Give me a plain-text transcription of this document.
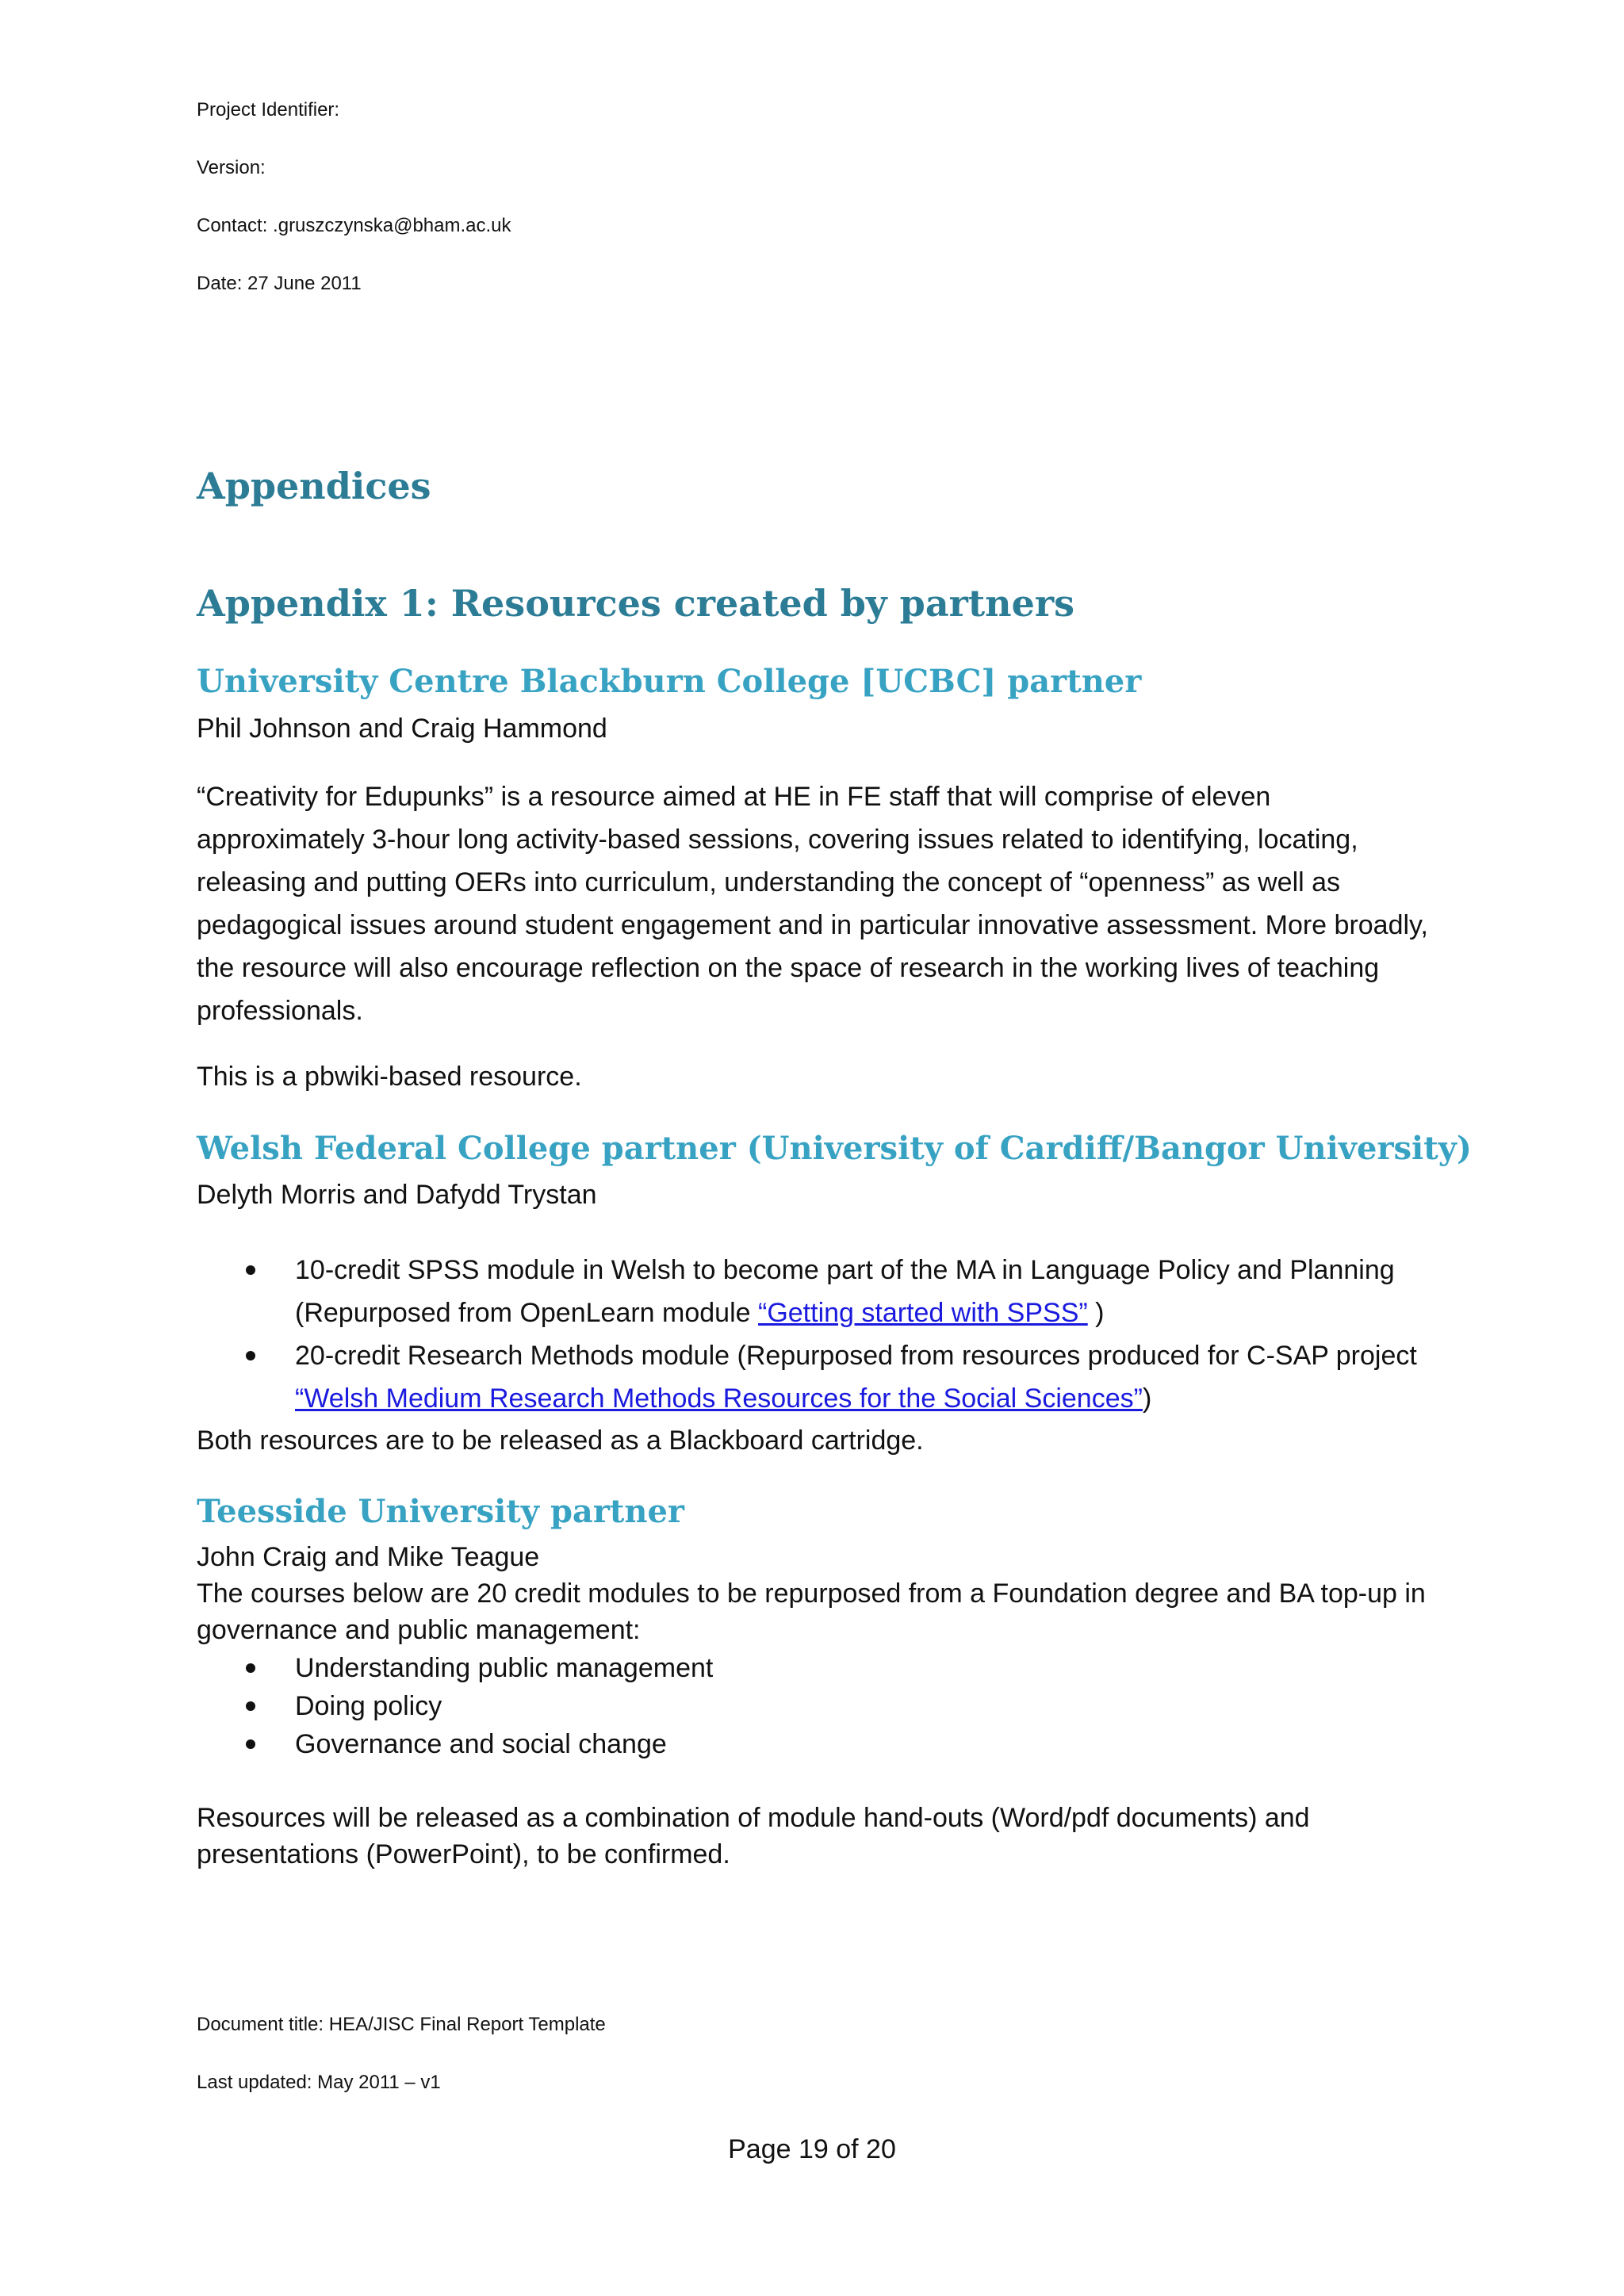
Project Identifier:
Version:
Contact: .gruszczynska@bham.ac.uk
Date: 27 June 2011
Appendices
Appendix 1: Resources created by partners
University Centre Blackburn College [UCBC] partner
Phil Johnson and Craig Hammond
“Creativity for Edupunks” is a resource aimed at HE in FE staff that will comprise of eleven approximately 3-hour long activity-based sessions, covering issues related to identifying, locating, releasing and putting OERs into curriculum, understanding the concept of “openness” as well as pedagogical issues around student engagement and in particular innovative assessment. More broadly, the resource will also encourage reflection on the space of research in the working lives of teaching professionals.
This is a pbwiki-based resource.
Welsh Federal College partner (University of Cardiff/Bangor University)
Delyth Morris and Dafydd Trystan
10-credit SPSS module in Welsh to become part of the MA in Language Policy and Planning (Repurposed from OpenLearn module “Getting started with SPSS” )
20-credit Research Methods module (Repurposed from resources produced for C-SAP project “Welsh Medium Research Methods Resources for the Social Sciences”)
Both resources are to be released as a Blackboard cartridge.
Teesside University partner
John Craig and Mike Teague
The courses below are 20 credit modules to be repurposed from a Foundation degree and BA top-up in governance and public management:
Understanding public management
Doing policy
Governance and social change
Resources will be released as a combination of module hand-outs (Word/pdf documents) and presentations (PowerPoint), to be confirmed.
Document title: HEA/JISC Final Report Template
Last updated: May 2011 – v1
Page 19 of 20
